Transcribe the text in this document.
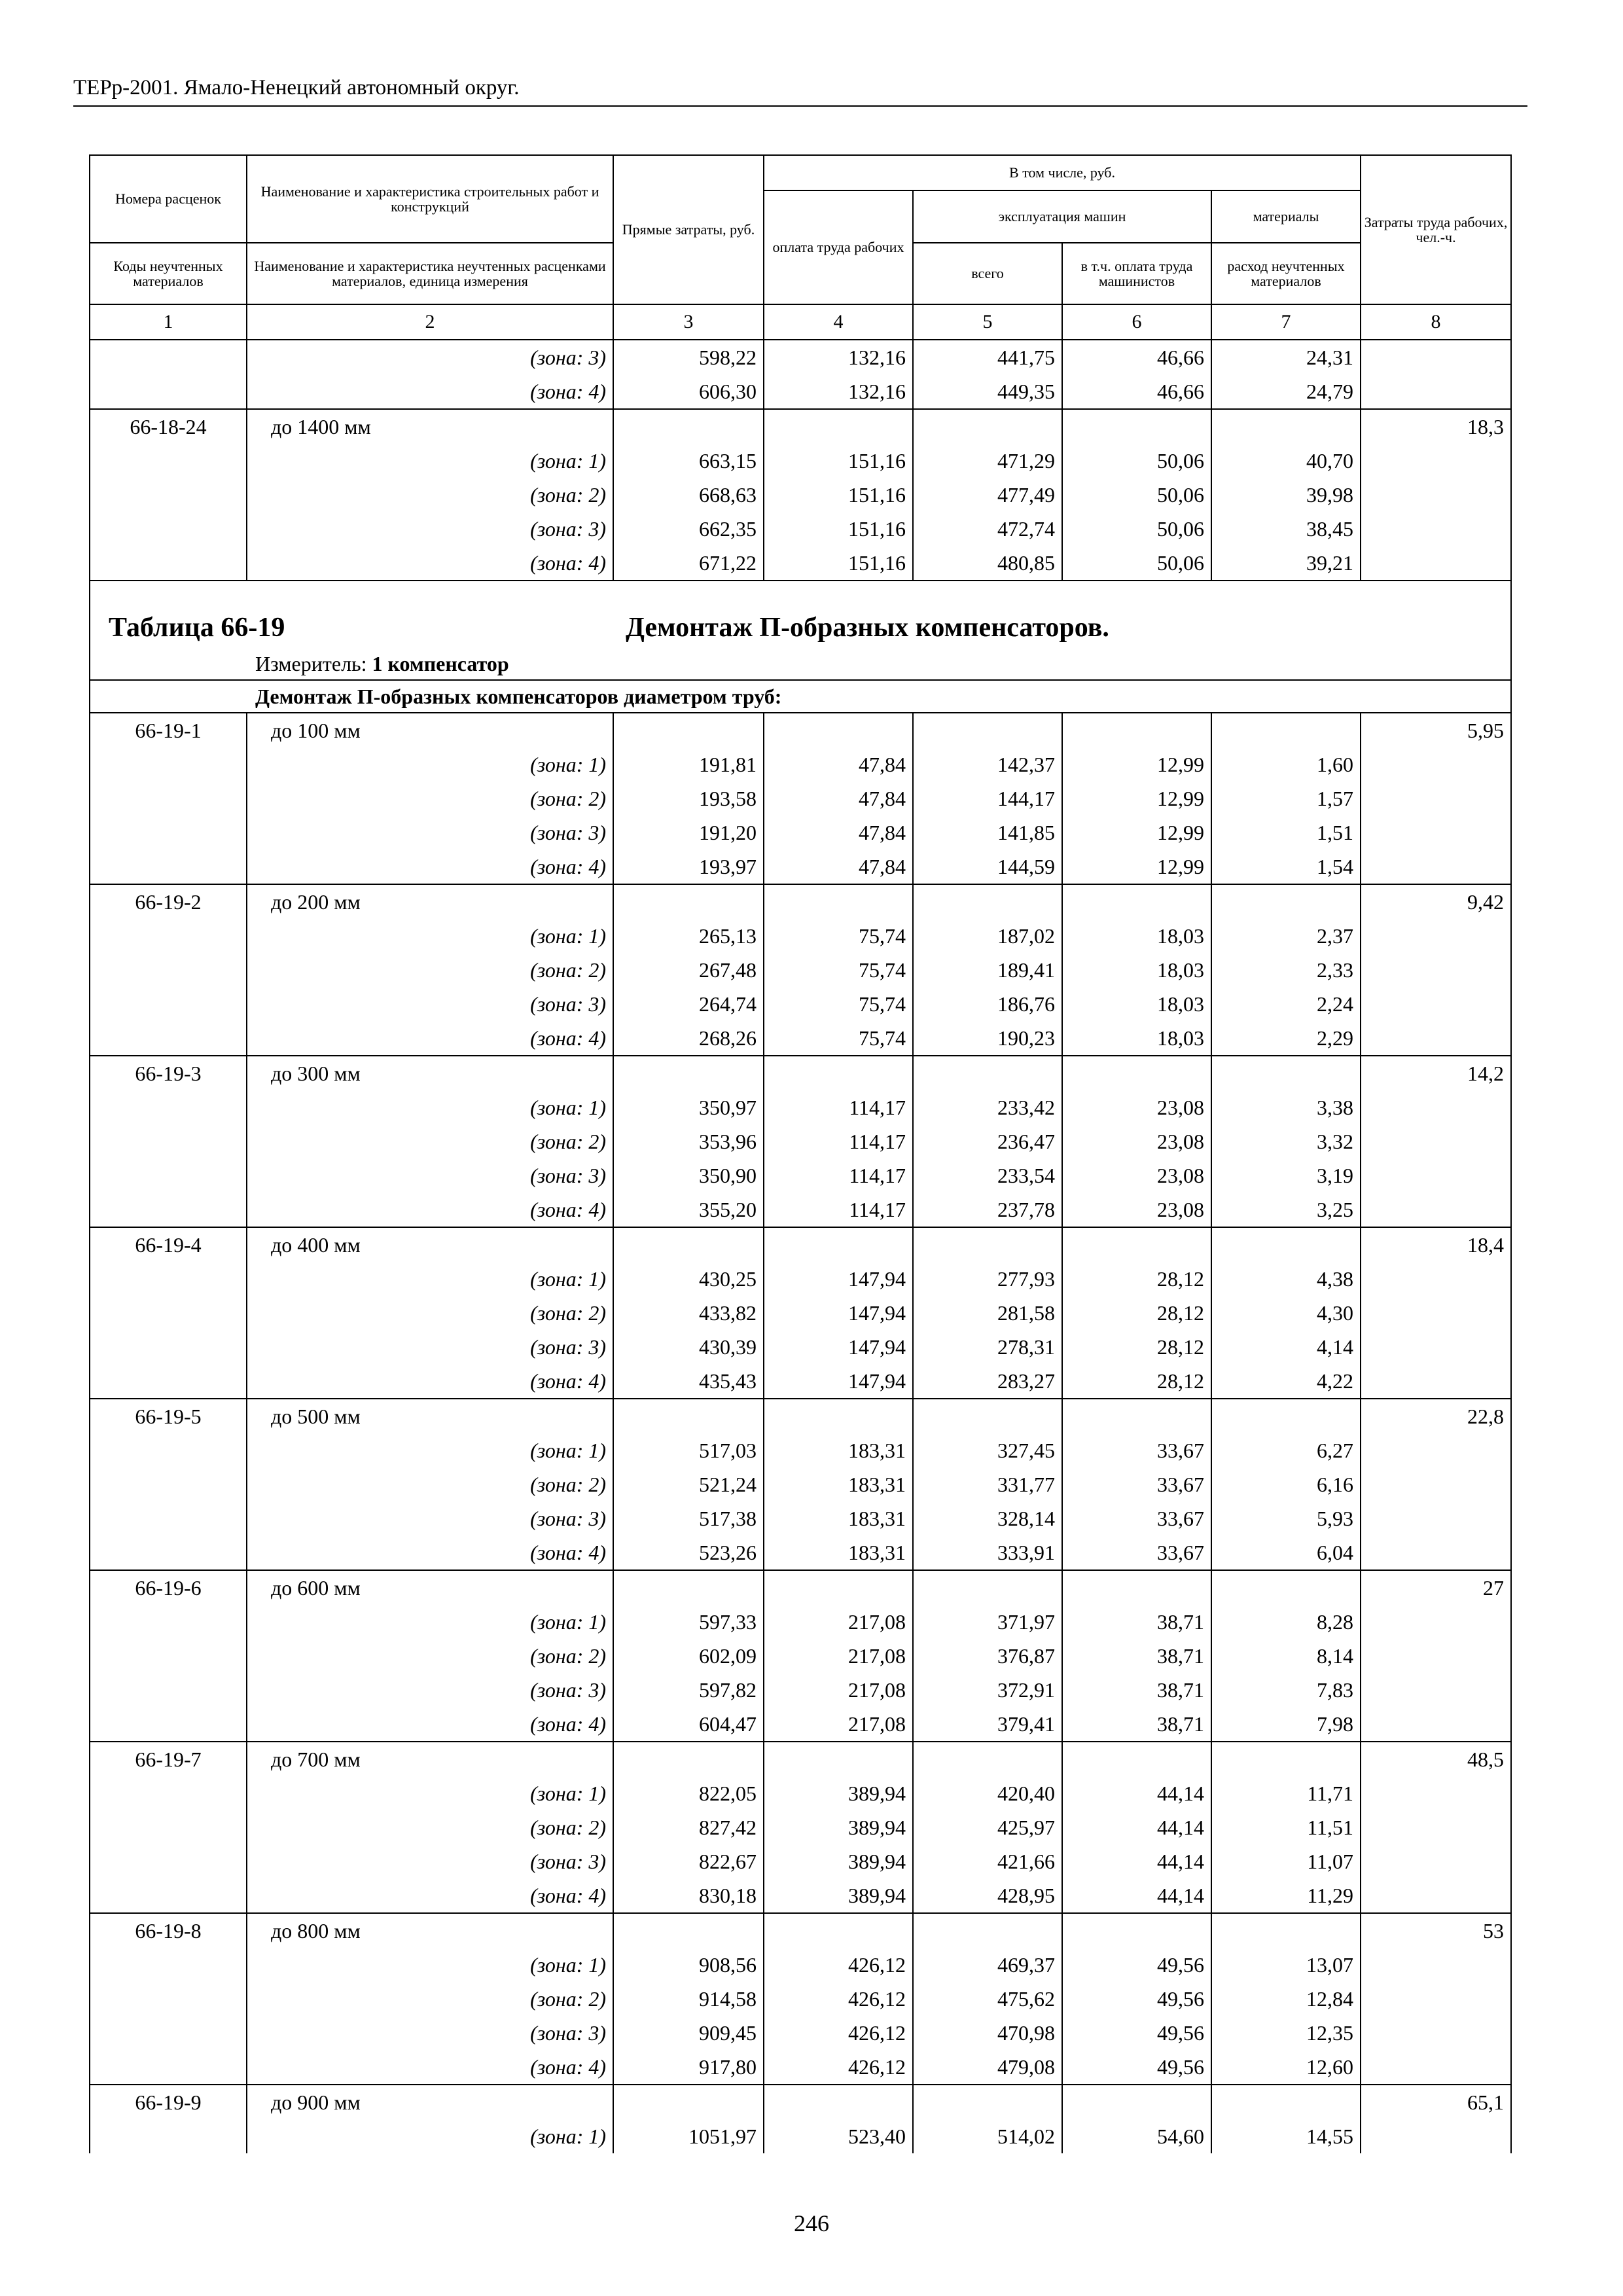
ТЕРр-2001. Ямало-Ненецкий автономный округ.
Номера расценок	Наименование и характеристика строительных работ и конструкций	Прямые затраты, руб.	В том числе, руб.				Затраты труда рабочих, чел.-ч.
			оплата труда рабочих	эксплуатация машин		материалы	
Коды неучтенных материалов	Наименование и характеристика неучтенных расценками материалов, единица измерения			всего	в т.ч. оплата труда машинистов	расход неучтенных материалов	
1	2	3	4	5	6	7	8
	(зона: 3)	598,22	132,16	441,75	46,66	24,31	
	(зона: 4)	606,30	132,16	449,35	46,66	24,79	
66-18-24	до 1400 мм						18,3
	(зона: 1)	663,15	151,16	471,29	50,06	40,70	
	(зона: 2)	668,63	151,16	477,49	50,06	39,98	
	(зона: 3)	662,35	151,16	472,74	50,06	38,45	
	(зона: 4)	671,22	151,16	480,85	50,06	39,21	
Таблица 66-19 Демонтаж П-образных компенсаторов.							
Измеритель: 1 компенсатор							
Демонтаж П-образных компенсаторов диаметром труб:							
66-19-1	до 100 мм						5,95
	(зона: 1)	191,81	47,84	142,37	12,99	1,60	
	(зона: 2)	193,58	47,84	144,17	12,99	1,57	
	(зона: 3)	191,20	47,84	141,85	12,99	1,51	
	(зона: 4)	193,97	47,84	144,59	12,99	1,54	
66-19-2	до 200 мм						9,42
	(зона: 1)	265,13	75,74	187,02	18,03	2,37	
	(зона: 2)	267,48	75,74	189,41	18,03	2,33	
	(зона: 3)	264,74	75,74	186,76	18,03	2,24	
	(зона: 4)	268,26	75,74	190,23	18,03	2,29	
66-19-3	до 300 мм						14,2
	(зона: 1)	350,97	114,17	233,42	23,08	3,38	
	(зона: 2)	353,96	114,17	236,47	23,08	3,32	
	(зона: 3)	350,90	114,17	233,54	23,08	3,19	
	(зона: 4)	355,20	114,17	237,78	23,08	3,25	
66-19-4	до 400 мм						18,4
	(зона: 1)	430,25	147,94	277,93	28,12	4,38	
	(зона: 2)	433,82	147,94	281,58	28,12	4,30	
	(зона: 3)	430,39	147,94	278,31	28,12	4,14	
	(зона: 4)	435,43	147,94	283,27	28,12	4,22	
66-19-5	до 500 мм						22,8
	(зона: 1)	517,03	183,31	327,45	33,67	6,27	
	(зона: 2)	521,24	183,31	331,77	33,67	6,16	
	(зона: 3)	517,38	183,31	328,14	33,67	5,93	
	(зона: 4)	523,26	183,31	333,91	33,67	6,04	
66-19-6	до 600 мм						27
	(зона: 1)	597,33	217,08	371,97	38,71	8,28	
	(зона: 2)	602,09	217,08	376,87	38,71	8,14	
	(зона: 3)	597,82	217,08	372,91	38,71	7,83	
	(зона: 4)	604,47	217,08	379,41	38,71	7,98	
66-19-7	до 700 мм						48,5
	(зона: 1)	822,05	389,94	420,40	44,14	11,71	
	(зона: 2)	827,42	389,94	425,97	44,14	11,51	
	(зона: 3)	822,67	389,94	421,66	44,14	11,07	
	(зона: 4)	830,18	389,94	428,95	44,14	11,29	
66-19-8	до 800 мм						53
	(зона: 1)	908,56	426,12	469,37	49,56	13,07	
	(зона: 2)	914,58	426,12	475,62	49,56	12,84	
	(зона: 3)	909,45	426,12	470,98	49,56	12,35	
	(зона: 4)	917,80	426,12	479,08	49,56	12,60	
66-19-9	до 900 мм						65,1
	(зона: 1)	1051,97	523,40	514,02	54,60	14,55	
246
